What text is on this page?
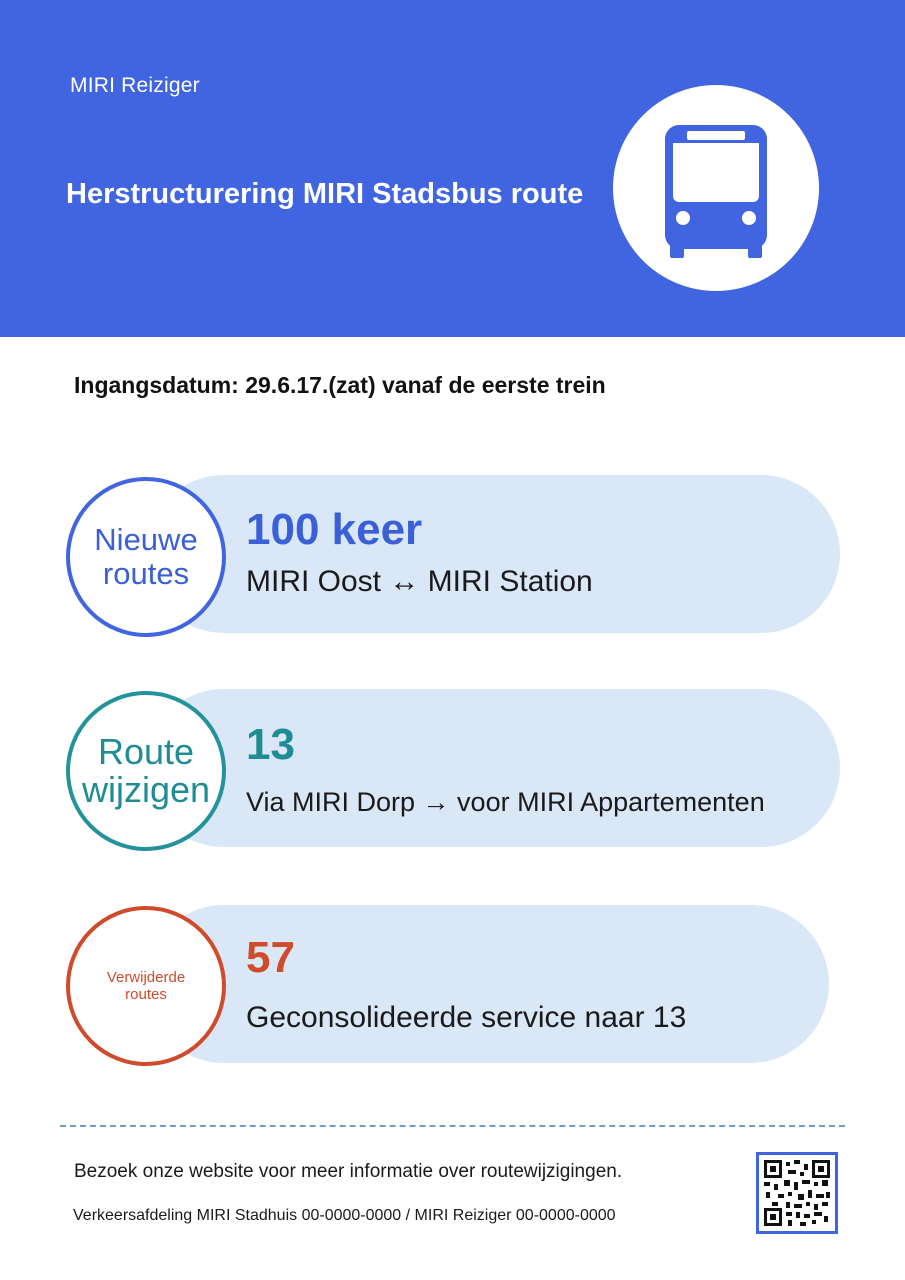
MIRI Reiziger
Herstructurering MIRI Stadsbus route
Ingangsdatum: 29.6.17.(zat) vanaf de eerste trein
Nieuwe routes
100 keer
MIRI Oost ↔ MIRI Station
Route wijzigen
13
Via MIRI Dorp → voor MIRI Appartementen
Verwijderde routes
57
Geconsolideerde service naar 13
Bezoek onze website voor meer informatie over routewijzigingen.
Verkeersafdeling MIRI Stadhuis 00-0000-0000 / MIRI Reiziger 00-0000-0000
